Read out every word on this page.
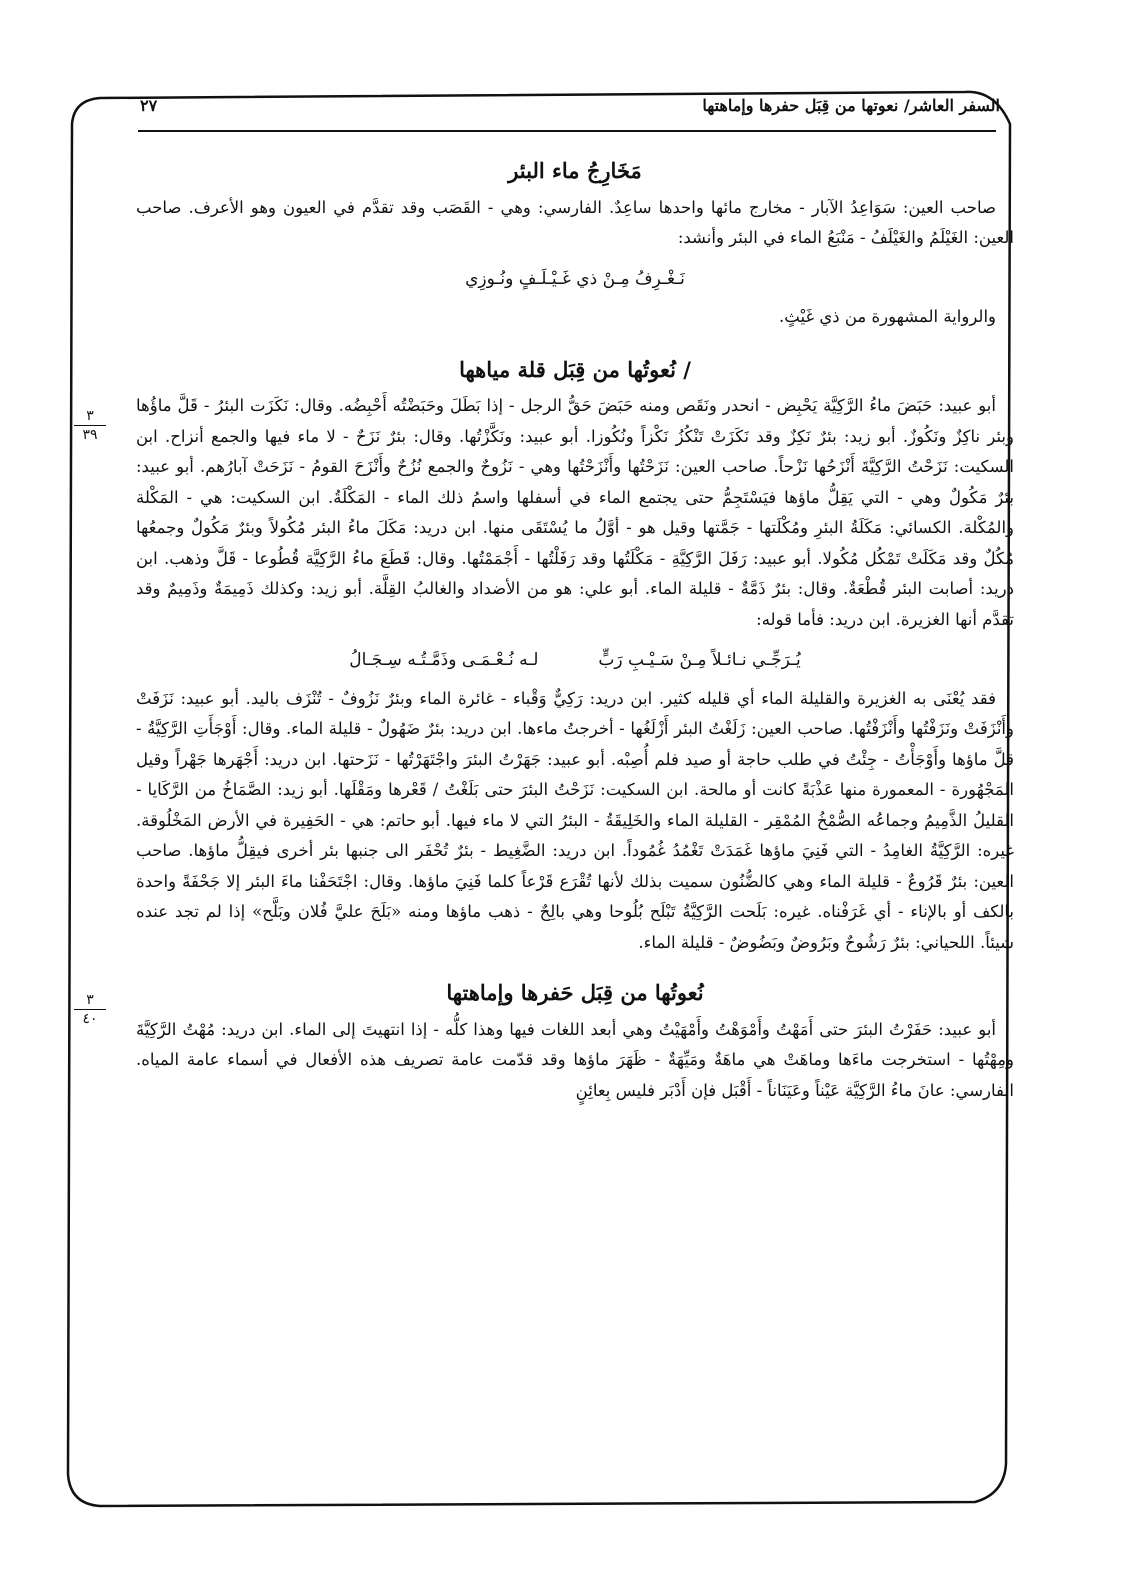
السفر العاشر/ نعوتها من قِبَل حفرها وإماهتها
٢٧
٣
٣٩
٣
٤٠
مَخَارِجُ ماء البئر

صاحب العين: سَوَاعِدُ الآبار - مخارج مائها واحدها ساعِدٌ. الفارسي: وهي - القَصَب وقد تقدَّم في العيون وهو الأعرف. صاحب العين: الغَيْلَمُ والغَيْلَفُ - مَنْبَعُ الماء في البئر وأنشد:

نَـغْـرِفُ مِـنْ ذي غَـيْـلَـفٍ ونُـوزِي

والرواية المشهورة من ذي غَيْثٍ.

/ نُعوتُها من قِبَل قلة مياهها

أبو عبيد: حَبَضَ ماءُ الرَّكِيَّة يَحْبِض - انحدر ونَقَص ومنه حَبَضَ حَقُّ الرجل - إذا بَطَلَ وحَبَضْتُه أَحْبِضُه. وقال: نَكَزَت البئرُ - قَلَّ ماؤُها وبئر ناكِزٌ ونَكُوزٌ. أبو زيد: بئرٌ نَكِزٌ وقد نَكَزَتْ تَنْكُزُ نَكْزاً ونُكُوزا. أبو عبيد: ونَكَّزْتُها. وقال: بئرٌ نَزَحٌ - لا ماء فيها والجمع أنزاح. ابن السكيت: نَزَحْتُ الرَّكِيَّةَ أَنْزَحُها نَزْحاً. صاحب العين: نَزَحْتُها وأَنْزَحْتُها وهي - نَزُوحٌ والجمع نُزُحٌ وأَنْزَحَ القومُ - نَزَحَتْ آبارُهم. أبو عبيد: بئرٌ مَكُولٌ وهي - التي يَقِلُّ ماؤها فيَسْتَجِمُّ حتى يجتمع الماء في أسفلها واسمُ ذلك الماء - المَكْلَةُ. ابن السكيت: هي - المَكْلة والمُكْلة. الكسائي: مَكَلَةُ البئرِ ومُكْلَتها - جَمَّتها وقيل هو - أوَّلُ ما يُسْتَقَى منها. ابن دريد: مَكَلَ ماءُ البئر مُكُولاً وبئرٌ مَكُولٌ وجمعُها مُكُلٌ وقد مَكَلَتْ تَمْكُل مُكُولا. أبو عبيد: رَفَلَ الرَّكِيَّةِ - مَكْلَتُها وقد رَفَلْتُها - أَجْمَمْتُها. وقال: قَطَعَ ماءُ الرَّكِيَّة قُطُوعا - قَلَّ وذهب. ابن دريد: أصابت البئر قُطْعَةٌ. وقال: بئرٌ ذَمَّةٌ - قليلة الماء. أبو علي: هو من الأضداد والغالبُ القِلَّة. أبو زيد: وكذلك ذَمِيمَةٌ وذَمِيمٌ وقد تقدَّم أنها الغزيرة. ابن دريد: فأما قوله:

يُـرَجِّـي نـائـلاً مِـنْ سَـيْـبِ رَبٍّ
لـه نُـعْـمَـى وذَمَّـتُـه سِـجَـالُ

فقد يُعْنَى به الغزيرة والقليلة الماء أي قليله كثير. ابن دريد: رَكِيٌّ وَقْباء - غائرة الماء وبئرٌ نَزُوفٌ - تُنْزَف باليد. أبو عبيد: نَزَفَتْ وأَنْزَفَتْ ونَزَفْتُها وأَنْزَفْتُها. صاحب العين: زَلَغْتُ البئر أَزْلَغُها - أخرجتُ ماءها. ابن دريد: بئرٌ ضَهُولٌ - قليلة الماء. وقال: أَوْجَأَتِ الرَّكِيَّةُ - قلَّ ماؤها وأَوْجَأْتُ - جِئْتُ في طلب حاجة أو صيد فلم أُصِبْه. أبو عبيد: جَهَرْتُ البئرَ واجْتَهَرْتُها - نَزَحتها. ابن دريد: أَجْهَرها جَهْراً وقيل المَجْهُورة - المعمورة منها عَذْبَةً كانت أو مالحة. ابن السكيت: نَزَحْتُ البئرَ حتى بَلَغْتُ / قَعْرها ومَقْلَها. أبو زيد: الصَّمَاخُ من الرَّكَايا - القليلُ الذَّمِيمُ وجماعُه الصُّمْخُ المُمْقِر - القليلة الماء والخَلِيقَةُ - البئرُ التي لا ماء فيها. أبو حاتم: هي - الحَفِيرة في الأرض المَخْلُوقة. غيره: الرَّكِيَّةُ الغامِدُ - التي فَنِيَ ماؤها غَمَدَتْ تَغْمُدُ غُمُوداً. ابن دريد: الضَّغِيط - بئرٌ تُحْفَر الى جنبها بئر أخرى فيقِلُّ ماؤها. صاحب العين: بئرٌ قَرُوعٌ - قليلة الماء وهي كالضُّنُون سميت بذلك لأنها تُقْرَع قَرْعاً كلما فَنِيَ ماؤها. وقال: اجْتَحَفْنا ماءَ البئر إلا جَحْفَةً واحدة بالكف أو بالإناء - أي غَرَفْناه. غيره: بَلَحت الرَّكِيَّةُ تَبْلَح بُلُوحا وهي بالِحٌ - ذهب ماؤها ومنه «بَلَحَ عليَّ فُلان وبَلَّح» إذا لم تجد عنده شيئاً. اللحياني: بئرٌ رَشُوحٌ وبَرُوضٌ وبَضُوضٌ - قليلة الماء.

نُعوتُها من قِبَل حَفرها وإماهتها

أبو عبيد: حَفَرْتُ البئرَ حتى أَمَهْتُ وأَمْوَهْتُ وأَمْهَيْتُ وهي أبعد اللغات فيها وهذا كلُّه - إذا انتهيتَ إلى الماء. ابن دريد: مُهْتُ الرَّكِيَّةَ ومِهْتُها - استخرجت ماءَها وماهَتْ هي ماهَةٌ ومَيِّهَةٌ - ظَهَرَ ماؤها وقد قدّمت عامة تصريف هذه الأفعال في أسماء عامة المياه. الفارسي: عانَ ماءُ الرَّكِيَّة عَيْناً وعَيَنَاناً - أَقْبَل فإن أَدْبَر فليس بِعائِنٍ
